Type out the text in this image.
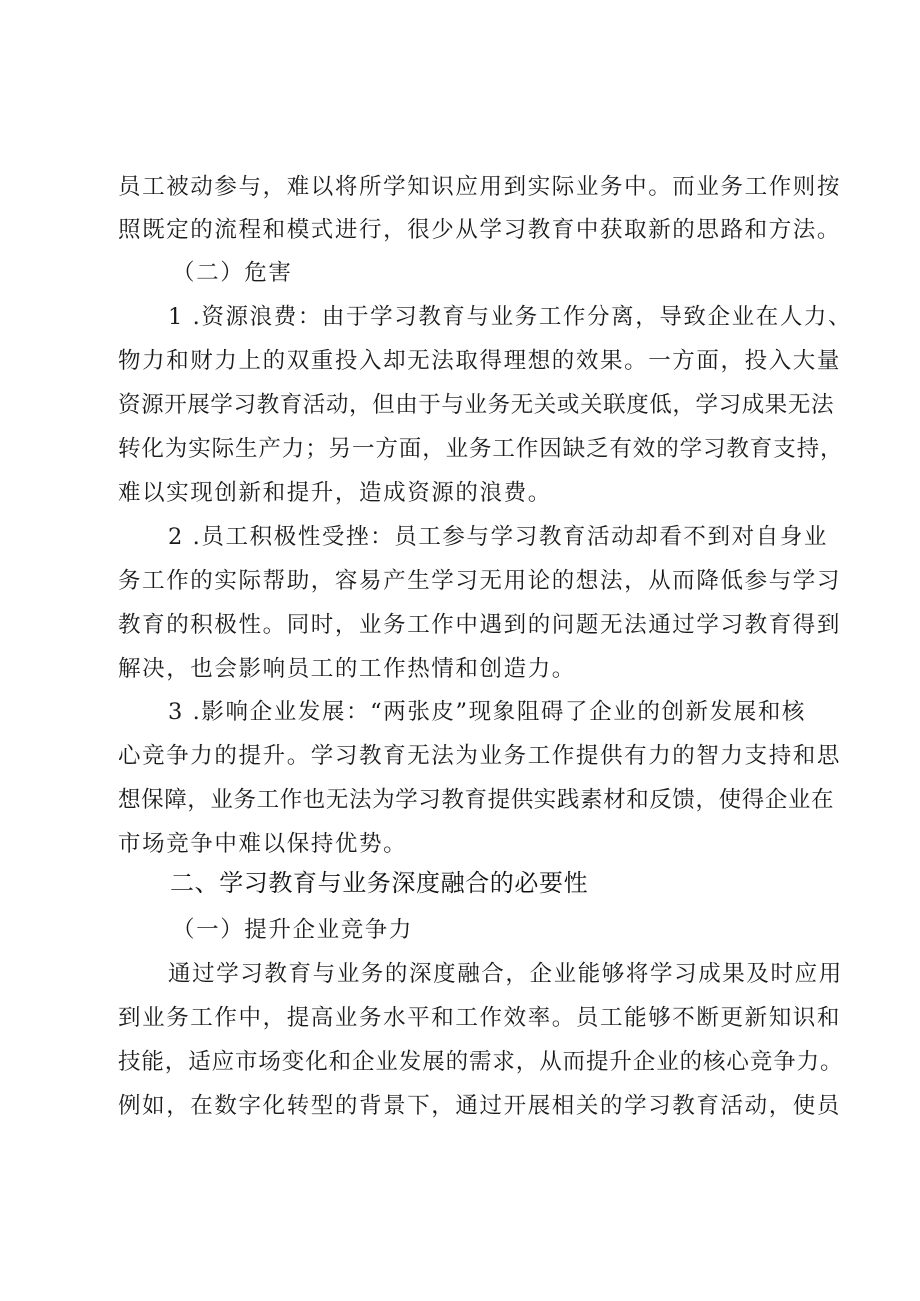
员工被动参与，难以将所学知识应用到实际业务中。而业务工作则按
照既定的流程和模式进行，很少从学习教育中获取新的思路和方法。
（二）危害
1 .资源浪费：由于学习教育与业务工作分离，导致企业在人力、
物力和财力上的双重投入却无法取得理想的效果。一方面，投入大量
资源开展学习教育活动，但由于与业务无关或关联度低，学习成果无法
转化为实际生产力；另一方面，业务工作因缺乏有效的学习教育支持，
难以实现创新和提升，造成资源的浪费。
2 .员工积极性受挫：员工参与学习教育活动却看不到对自身业
务工作的实际帮助，容易产生学习无用论的想法，从而降低参与学习
教育的积极性。同时，业务工作中遇到的问题无法通过学习教育得到
解决，也会影响员工的工作热情和创造力。
3 .影响企业发展：“两张皮”现象阻碍了企业的创新发展和核
心竞争力的提升。学习教育无法为业务工作提供有力的智力支持和思
想保障，业务工作也无法为学习教育提供实践素材和反馈，使得企业在
市场竞争中难以保持优势。
二、学习教育与业务深度融合的必要性
（一）提升企业竞争力
通过学习教育与业务的深度融合，企业能够将学习成果及时应用
到业务工作中，提高业务水平和工作效率。员工能够不断更新知识和
技能，适应市场变化和企业发展的需求，从而提升企业的核心竞争力。
例如，在数字化转型的背景下，通过开展相关的学习教育活动，使员
